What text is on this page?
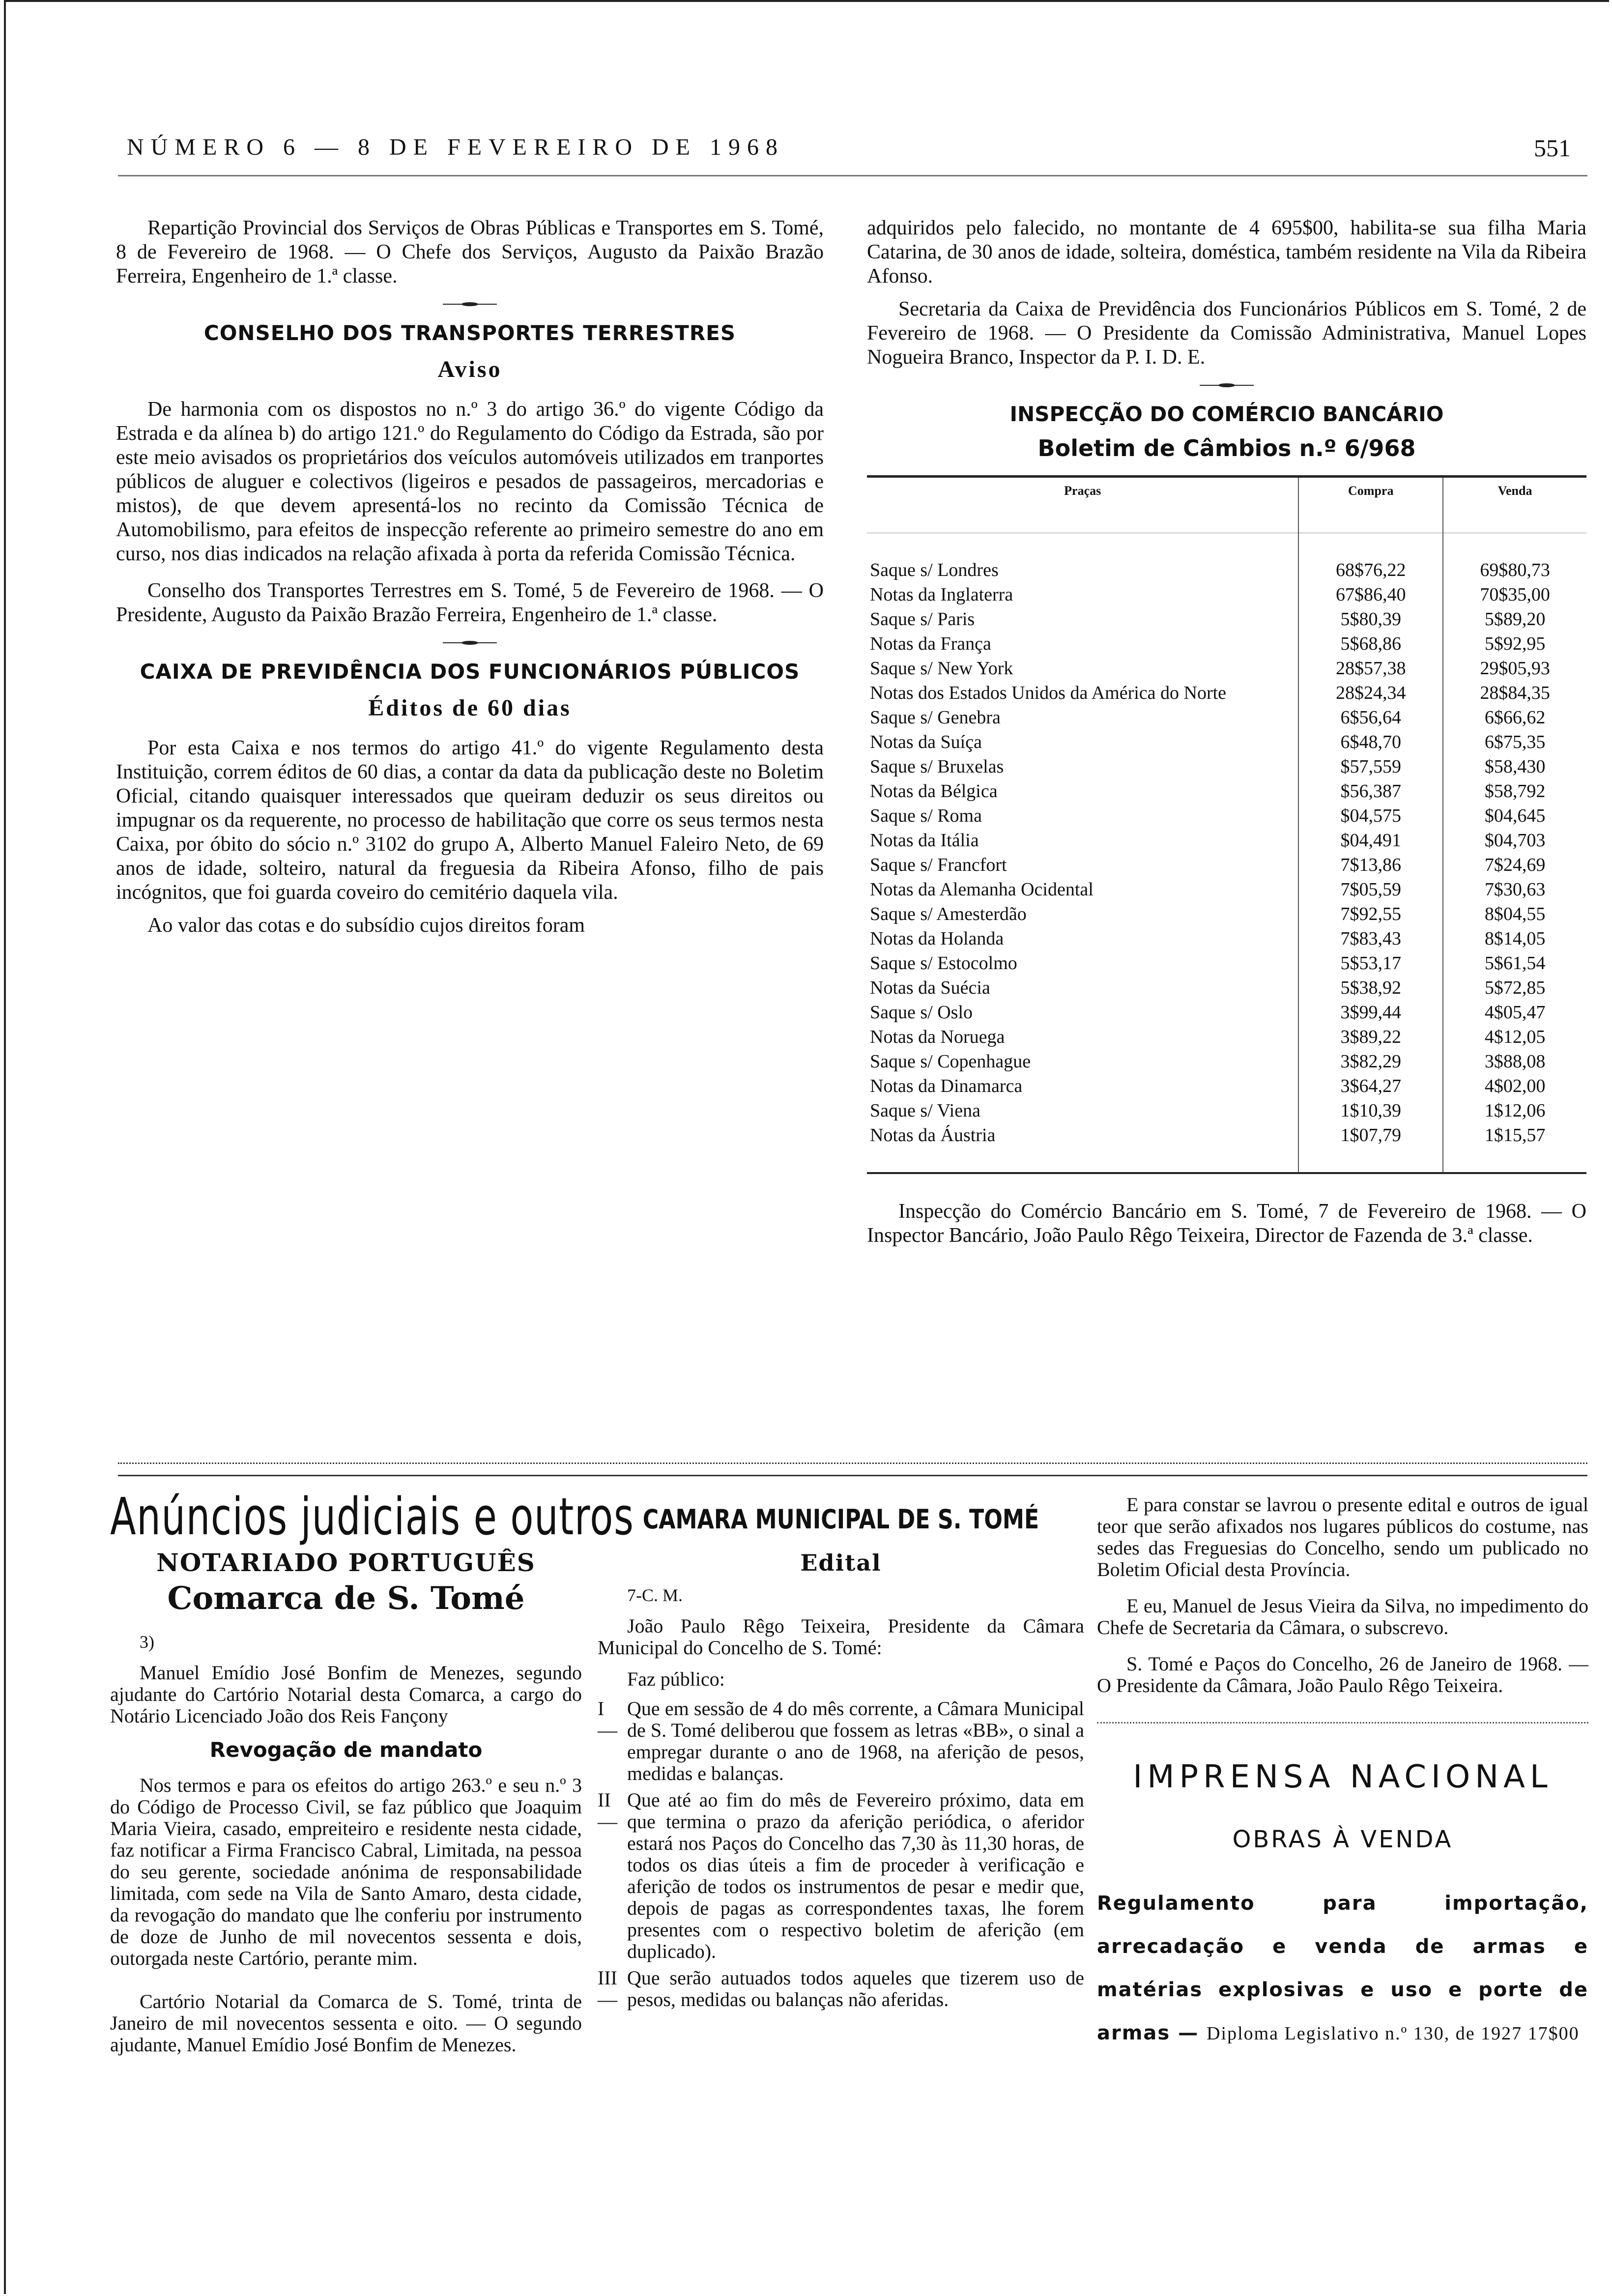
NÚMERO 6 — 8 DE FEVEREIRO DE 1968	551

Repartição Provincial dos Serviços de Obras Públicas e Transportes em S. Tomé, 8 de Fevereiro de 1968. — O Chefe dos Serviços, Augusto da Paixão Brazão Ferreira, Engenheiro de 1.ª classe.

CONSELHO DOS TRANSPORTES TERRESTRES
Aviso

De harmonia com os dispostos no n.º 3 do artigo 36.º do vigente Código da Estrada e da alínea b) do artigo 121.º do Regulamento do Código da Estrada, são por este meio avisados os proprietários dos veículos automóveis utilizados em tranportes públicos de aluguer e colectivos (ligeiros e pesados de passageiros, mercadorias e mistos), de que devem apresentá-los no recinto da Comissão Técnica de Automobilismo, para efeitos de inspecção referente ao primeiro semestre do ano em curso, nos dias indicados na relação afixada à porta da referida Comissão Técnica.

Conselho dos Transportes Terrestres em S. Tomé, 5 de Fevereiro de 1968. — O Presidente, Augusto da Paixão Brazão Ferreira, Engenheiro de 1.ª classe.

CAIXA DE PREVIDÊNCIA DOS FUNCIONÁRIOS PÚBLICOS
Éditos de 60 dias

Por esta Caixa e nos termos do artigo 41.º do vigente Regulamento desta Instituição, correm éditos de 60 dias, a contar da data da publicação deste no Boletim Oficial, citando quaisquer interessados que queiram deduzir os seus direitos ou impugnar os da requerente, no processo de habilitação que corre os seus termos nesta Caixa, por óbito do sócio n.º 3102 do grupo A, Alberto Manuel Faleiro Neto, de 69 anos de idade, solteiro, natural da freguesia da Ribeira Afonso, filho de pais incógnitos, que foi guarda coveiro do cemitério daquela vila.

Ao valor das cotas e do subsídio cujos direitos foram

adquiridos pelo falecido, no montante de 4 695$00, habilita-se sua filha Maria Catarina, de 30 anos de idade, solteira, doméstica, também residente na Vila da Ribeira Afonso.

Secretaria da Caixa de Previdência dos Funcionários Públicos em S. Tomé, 2 de Fevereiro de 1968. — O Presidente da Comissão Administrativa, Manuel Lopes Nogueira Branco, Inspector da P. I. D. E.

INSPECÇÃO DO COMÉRCIO BANCÁRIO
Boletim de Câmbios n.º 6/968
Praças	Compra	Venda

Saque s/ Londres	68$76,22	69$80,73
Notas da Inglaterra	67$86,40	70$35,00
Saque s/ Paris	5$80,39	5$89,20
Notas da França	5$68,86	5$92,95
Saque s/ New York	28$57,38	29$05,93
Notas dos Estados Unidos da América do Norte	28$24,34	28$84,35
Saque s/ Genebra	6$56,64	6$66,62
Notas da Suíça	6$48,70	6$75,35
Saque s/ Bruxelas	$57,559	$58,430
Notas da Bélgica	$56,387	$58,792
Saque s/ Roma	$04,575	$04,645
Notas da Itália	$04,491	$04,703
Saque s/ Francfort	7$13,86	7$24,69
Notas da Alemanha Ocidental	7$05,59	7$30,63
Saque s/ Amesterdão	7$92,55	8$04,55
Notas da Holanda	7$83,43	8$14,05
Saque s/ Estocolmo	5$53,17	5$61,54
Notas da Suécia	5$38,92	5$72,85
Saque s/ Oslo	3$99,44	4$05,47
Notas da Noruega	3$89,22	4$12,05
Saque s/ Copenhague	3$82,29	3$88,08
Notas da Dinamarca	3$64,27	4$02,00
Saque s/ Viena	1$10,39	1$12,06
Notas da Áustria	1$07,79	1$15,57

Inspecção do Comércio Bancário em S. Tomé, 7 de Fevereiro de 1968. — O Inspector Bancário, João Paulo Rêgo Teixeira, Director de Fazenda de 3.ª classe.

Anúncios judiciais e outros
NOTARIADO PORTUGUÊS
Comarca de S. Tomé
3)

Manuel Emídio José Bonfim de Menezes, segundo ajudante do Cartório Notarial desta Comarca, a cargo do Notário Licenciado João dos Reis Fançony

Revogação de mandato

Nos termos e para os efeitos do artigo 263.º e seu n.º 3 do Código de Processo Civil, se faz público que Joaquim Maria Vieira, casado, empreiteiro e residente nesta cidade, faz notificar a Firma Francisco Cabral, Limitada, na pessoa do seu gerente, sociedade anónima de responsabilidade limitada, com sede na Vila de Santo Amaro, desta cidade, da revogação do mandato que lhe conferiu por instrumento de doze de Junho de mil novecentos sessenta e dois, outorgada neste Cartório, perante mim.

Cartório Notarial da Comarca de S. Tomé, trinta de Janeiro de mil novecentos sessenta e oito. — O segundo ajudante, Manuel Emídio José Bonfim de Menezes.

CAMARA MUNICIPAL DE S. TOMÉ
Edital
7-C. M.

João Paulo Rêgo Teixeira, Presidente da Câmara Municipal do Concelho de S. Tomé:

Faz público:

I —

Que em sessão de 4 do mês corrente, a Câmara Municipal de S. Tomé deliberou que fossem as letras «BB», o sinal a empregar durante o ano de 1968, na aferição de pesos, medidas e balanças.

II —

Que até ao fim do mês de Fevereiro próximo, data em que termina o prazo da aferição periódica, o aferidor estará nos Paços do Concelho das 7,30 às 11,30 horas, de todos os dias úteis a fim de proceder à verificação e aferição de todos os instrumentos de pesar e medir que, depois de pagas as correspondentes taxas, lhe forem presentes com o respectivo boletim de aferição (em duplicado).

III —

Que serão autuados todos aqueles que tizerem uso de pesos, medidas ou balanças não aferidas.

E para constar se lavrou o presente edital e outros de igual teor que serão afixados nos lugares públicos do costume, nas sedes das Freguesias do Concelho, sendo um publicado no Boletim Oficial desta Província.

E eu, Manuel de Jesus Vieira da Silva, no impedimento do Chefe de Secretaria da Câmara, o subscrevo.

S. Tomé e Paços do Concelho, 26 de Janeiro de 1968. — O Presidente da Câmara, João Paulo Rêgo Teixeira.

IMPRENSA NACIONAL
OBRAS À VENDA

Regulamento para importação, arrecadação e venda de armas e matérias explosivas e uso e porte de armas — Diploma Legislativo n.º 130, de 1927 17$00
